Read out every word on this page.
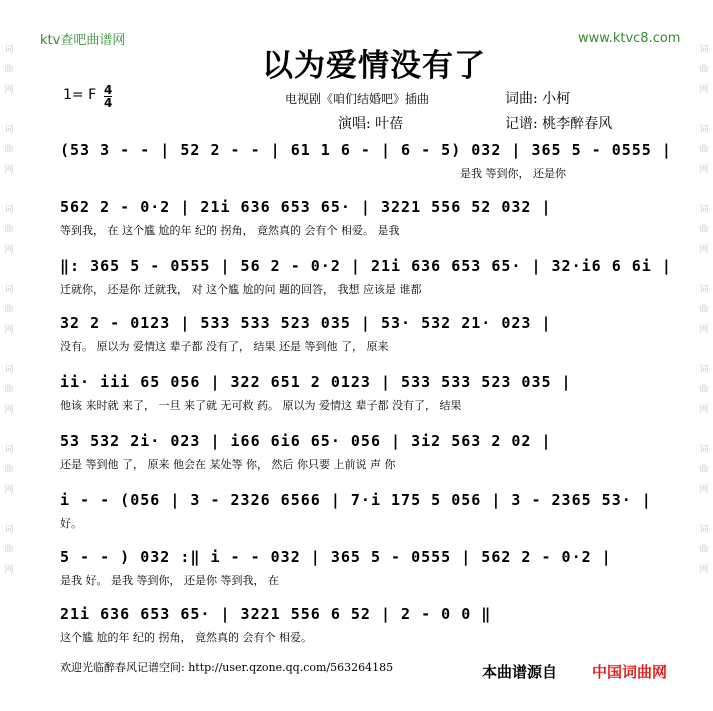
词
曲
网

词
曲
网

词
曲
网

词
曲
网

词
曲
网

词
曲
网

词
曲
网
词
曲
网

词
曲
网

词
曲
网

词
曲
网

词
曲
网

词
曲
网

词
曲
网
ktv查吧曲谱网	www.ktvc8.com
以为爱情没有了
1= F 4
4	电视剧《咱们结婚吧》插曲	词曲: 小柯
演唱: 叶蓓	记谱: 桃李醉春风
(53 3 - - | 52 2 - - | 61 1 6 - | 6 - 5) 032 | 365 5 - 0555 |
是我 等到你， 还是你
562 2 - 0·2 | 21i 636 653 65· | 3221 556 52 032 |
等到我， 在 这个尴 尬的年 纪的 拐角， 竟然真的 会有个 相爱。 是我
‖: 365 5 - 0555 | 56 2 - 0·2 | 21i 636 653 65· | 32·i6 6 6i |
迁就你， 还是你 迁就我， 对 这个尴 尬的问 题的回答， 我想 应该是 谁都
32 2 - 0123 | 533 533 523 035 | 53· 532 21· 023 |
没有。 原以为 爱情这 辈子都 没有了， 结果 还是 等到他 了， 原来
ii· iii 65 056 | 322 651 2 0123 | 533 533 523 035 |
他该 来时就 来了， 一旦 来了就 无可救 药。 原以为 爱情这 辈子都 没有了， 结果
53 532 2i· 023 | i66 6i6 65· 056 | 3i2 563 2 02 |
还是 等到他 了， 原来 他会在 某处等 你， 然后 你只要 上前说 声 你
i - - (056 | 3 - 2326 6566 | 7·i 175 5 056 | 3 - 2365 53· |
好。
5 - - ) 032 :‖ i - - 032 | 365 5 - 0555 | 562 2 - 0·2 |
是我 好。 是我 等到你， 还是你 等到我， 在
21i 636 653 65· | 3221 556 6 52 | 2 - 0 0 ‖
这个尴 尬的年 纪的 拐角， 竟然真的 会有个 相爱。
欢迎光临醉春风记谱空间: http://user.qzone.qq.com/563264185	本曲谱源自 中国词曲网
